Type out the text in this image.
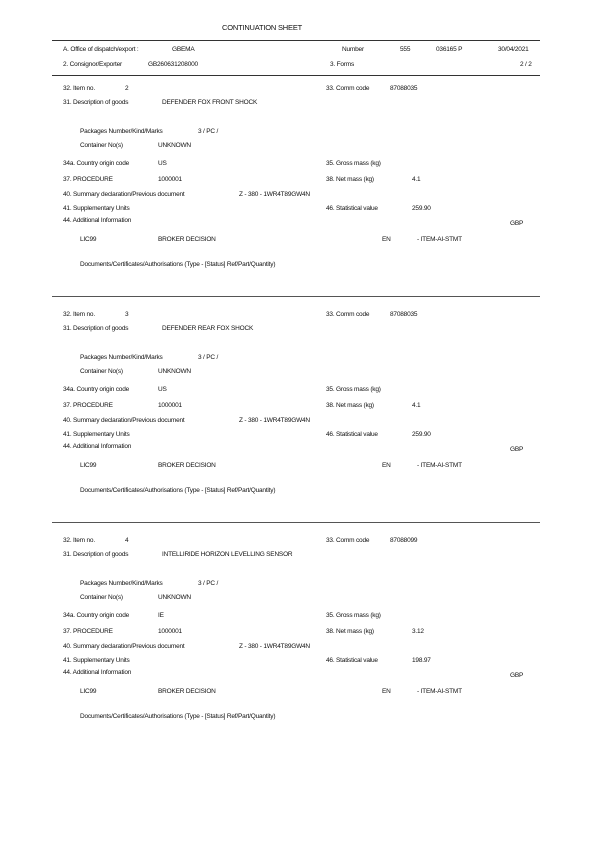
CONTINUATION SHEET
A. Office of dispatch/export :	GBEMA	Number	555	036165 P	30/04/2021
2. Consignor/Exporter	GB260631208000	3. Forms	2 / 2
32. Item no.	2	33. Comm code	87088035
31. Description of goods	DEFENDER FOX FRONT SHOCK
Packages Number/Kind/Marks	3 / PC /
Container No(s)	UNKNOWN
34a. Country origin code	US	35. Gross mass (kg)
37. PROCEDURE	1000001	38. Net mass (kg)	4.1
40. Summary declaration/Previous document	Z - 380 - 1WR4T89GW4N
41. Supplementary Units	46. Statistical value	259.90
44. Additional Information	GBP
LIC99	BROKER DECISION	EN	- ITEM-AI-STMT
Documents/Certificates/Authorisations (Type - [Status] Ref/Part/Quantity)
32. Item no.	3	33. Comm code	87088035
31. Description of goods	DEFENDER REAR FOX SHOCK
Packages Number/Kind/Marks	3 / PC /
Container No(s)	UNKNOWN
34a. Country origin code	US	35. Gross mass (kg)
37. PROCEDURE	1000001	38. Net mass (kg)	4.1
40. Summary declaration/Previous document	Z - 380 - 1WR4T89GW4N
41. Supplementary Units	46. Statistical value	259.90
44. Additional Information	GBP
LIC99	BROKER DECISION	EN	- ITEM-AI-STMT
Documents/Certificates/Authorisations (Type - [Status] Ref/Part/Quantity)
32. Item no.	4	33. Comm code	87088099
31. Description of goods	INTELLIRIDE HORIZON LEVELLING SENSOR
Packages Number/Kind/Marks	3 / PC /
Container No(s)	UNKNOWN
34a. Country origin code	IE	35. Gross mass (kg)
37. PROCEDURE	1000001	38. Net mass (kg)	3.12
40. Summary declaration/Previous document	Z - 380 - 1WR4T89GW4N
41. Supplementary Units	46. Statistical value	198.97
44. Additional Information	GBP
LIC99	BROKER DECISION	EN	- ITEM-AI-STMT
Documents/Certificates/Authorisations (Type - [Status] Ref/Part/Quantity)
